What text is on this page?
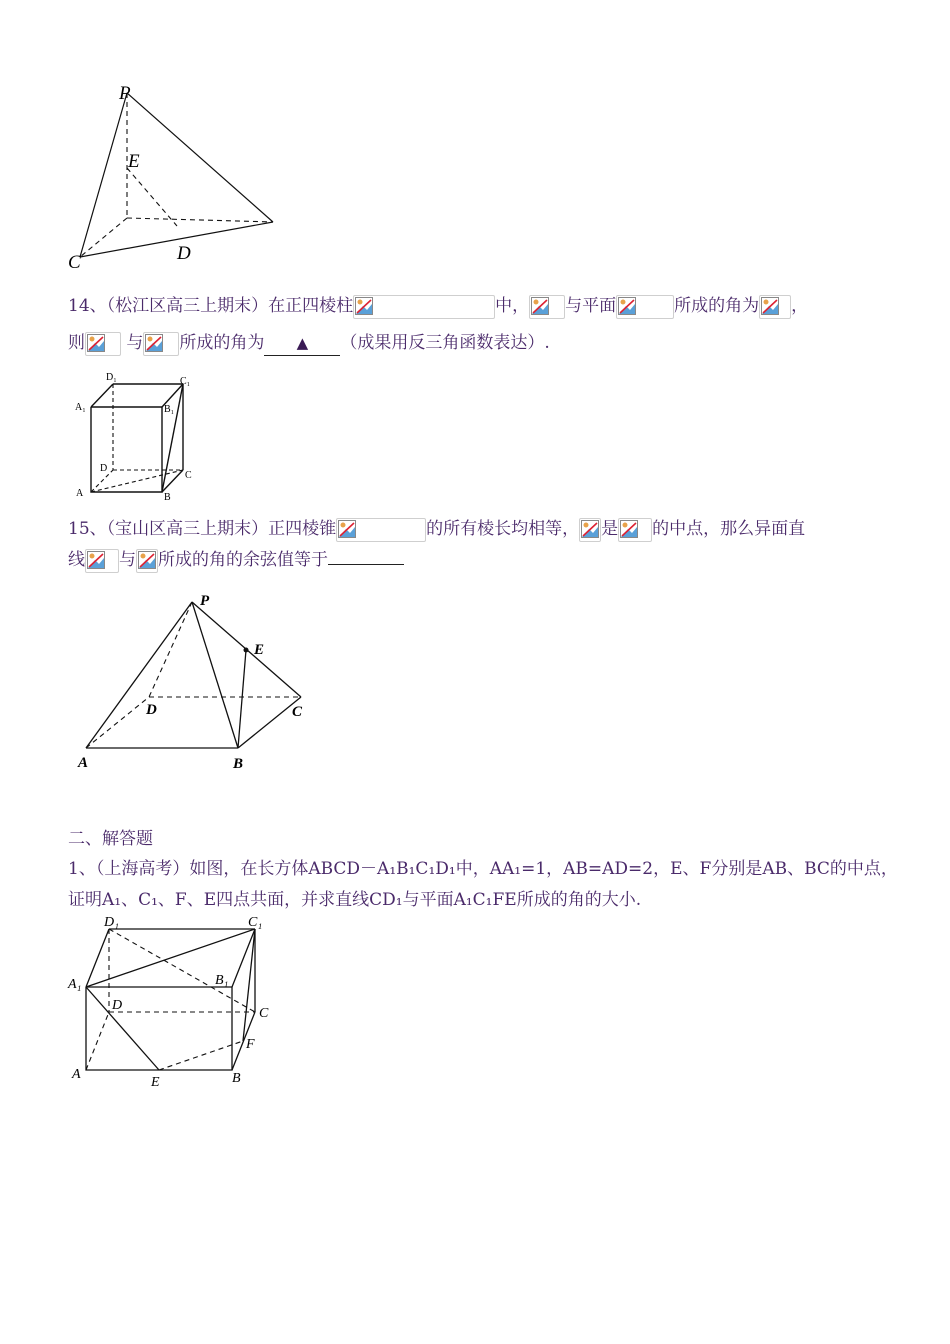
P
E
C	D
14、（松江区高三上期末）在正四棱柱	中， 与平面	所成的角为 ，
则 与 所成的角为 ▲ （成果用反三角函数表达）.
D₁	C₁
A₁	B₁
D
C
A	B
15、（宝山区高三上期末）正四棱锥	的所有棱长均相等， 是 的中点，那么异面直
线 与 所成的角的余弦值等于
P
E
D	C
A	B
二、解答题
1、（上海高考）如图，在长方体ABCD－A₁B₁C₁D₁中，AA₁=1，AB=AD=2，E、F分别是AB、BC的中点，
证明A₁、C₁、F、E四点共面，并求直线CD₁与平面A₁C₁FE所成的角的大小.
D₁	C₁
A₁	B₁
D
C
F
A
E	B
